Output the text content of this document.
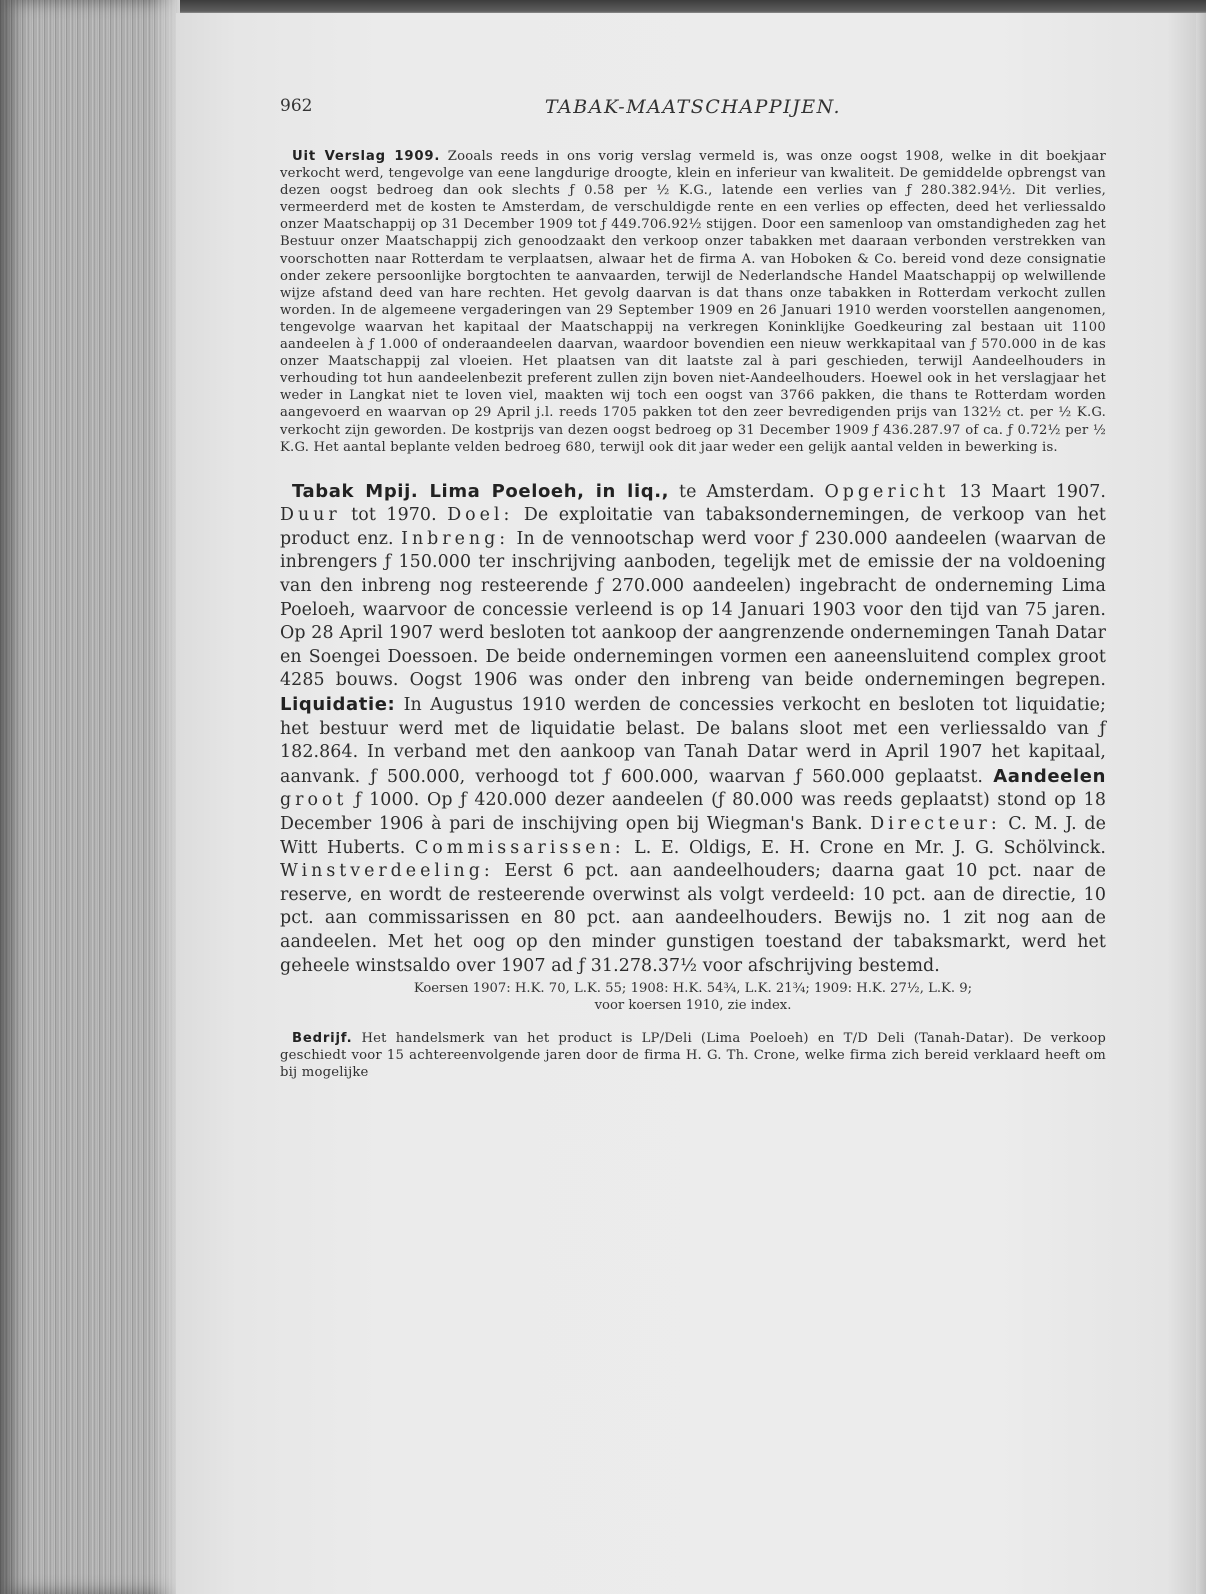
962	TABAK-MAATSCHAPPIJEN.

Uit Verslag 1909. Zooals reeds in ons vorig verslag vermeld is, was onze oogst 1908, welke in dit boekjaar verkocht werd, tengevolge van eene langdurige droogte, klein en inferieur van kwaliteit. De gemiddelde opbrengst van dezen oogst bedroeg dan ook slechts ƒ 0.58 per ½ K.G., latende een verlies van ƒ 280.382.94½. Dit verlies, vermeerderd met de kosten te Amsterdam, de verschuldigde rente en een verlies op effecten, deed het verliessaldo onzer Maatschappij op 31 December 1909 tot ƒ 449.706.92½ stijgen. Door een samenloop van omstandigheden zag het Bestuur onzer Maatschappij zich genoodzaakt den verkoop onzer tabakken met daaraan verbonden verstrekken van voorschotten naar Rotterdam te verplaatsen, alwaar het de firma A. van Hoboken & Co. bereid vond deze consignatie onder zekere persoonlijke borgtochten te aanvaarden, terwijl de Nederlandsche Handel Maatschappij op welwillende wijze afstand deed van hare rechten. Het gevolg daarvan is dat thans onze tabakken in Rotterdam verkocht zullen worden. In de algemeene vergaderingen van 29 September 1909 en 26 Januari 1910 werden voorstellen aangenomen, tengevolge waarvan het kapitaal der Maatschappij na verkregen Koninklijke Goedkeuring zal bestaan uit 1100 aandeelen à ƒ 1.000 of onderaandeelen daarvan, waardoor bovendien een nieuw werkkapitaal van ƒ 570.000 in de kas onzer Maatschappij zal vloeien. Het plaatsen van dit laatste zal à pari geschieden, terwijl Aandeelhouders in verhouding tot hun aandeelenbezit preferent zullen zijn boven niet-Aandeelhouders. Hoewel ook in het verslagjaar het weder in Langkat niet te loven viel, maakten wij toch een oogst van 3766 pakken, die thans te Rotterdam worden aangevoerd en waarvan op 29 April j.l. reeds 1705 pakken tot den zeer bevredigenden prijs van 132½ ct. per ½ K.G. verkocht zijn geworden. De kostprijs van dezen oogst bedroeg op 31 December 1909 ƒ 436.287.97 of ca. ƒ 0.72½ per ½ K.G. Het aantal beplante velden bedroeg 680, terwijl ook dit jaar weder een gelijk aantal velden in bewerking is.

Tabak Mpij. Lima Poeloeh, in liq., te Amsterdam. Opgericht 13 Maart 1907. Duur tot 1970. Doel: De exploitatie van tabaksondernemingen, de verkoop van het product enz. Inbreng: In de vennootschap werd voor ƒ 230.000 aandeelen (waarvan de inbrengers ƒ 150.000 ter inschrijving aanboden, tegelijk met de emissie der na voldoening van den inbreng nog resteerende ƒ 270.000 aandeelen) ingebracht de onderneming Lima Poeloeh, waarvoor de concessie verleend is op 14 Januari 1903 voor den tijd van 75 jaren. Op 28 April 1907 werd besloten tot aankoop der aangrenzende ondernemingen Tanah Datar en Soengei Doessoen. De beide ondernemingen vormen een aaneensluitend complex groot 4285 bouws. Oogst 1906 was onder den inbreng van beide ondernemingen begrepen. Liquidatie: In Augustus 1910 werden de concessies verkocht en besloten tot liquidatie; het bestuur werd met de liquidatie belast. De balans sloot met een verliessaldo van ƒ 182.864. In verband met den aankoop van Tanah Datar werd in April 1907 het kapitaal, aanvank. ƒ 500.000, verhoogd tot ƒ 600.000, waarvan ƒ 560.000 geplaatst. Aandeelen groot ƒ 1000. Op ƒ 420.000 dezer aandeelen (ƒ 80.000 was reeds geplaatst) stond op 18 December 1906 à pari de inschijving open bij Wiegman's Bank. Directeur: C. M. J. de Witt Huberts. Commissarissen: L. E. Oldigs, E. H. Crone en Mr. J. G. Schölvinck. Winstverdeeling: Eerst 6 pct. aan aandeelhouders; daarna gaat 10 pct. naar de reserve, en wordt de resteerende overwinst als volgt verdeeld: 10 pct. aan de directie, 10 pct. aan commissarissen en 80 pct. aan aandeelhouders. Bewijs no. 1 zit nog aan de aandeelen. Met het oog op den minder gunstigen toestand der tabaksmarkt, werd het geheele winstsaldo over 1907 ad ƒ 31.278.37½ voor afschrijving bestemd.

Koersen 1907: H.K. 70, L.K. 55; 1908: H.K. 54¾, L.K. 21¾; 1909: H.K. 27½, L.K. 9;
voor koersen 1910, zie index.

Bedrijf. Het handelsmerk van het product is LP/Deli (Lima Poeloeh) en T/D Deli (Tanah-Datar). De verkoop geschiedt voor 15 achtereenvolgende jaren door de firma H. G. Th. Crone, welke firma zich bereid verklaard heeft om bij mogelijke
